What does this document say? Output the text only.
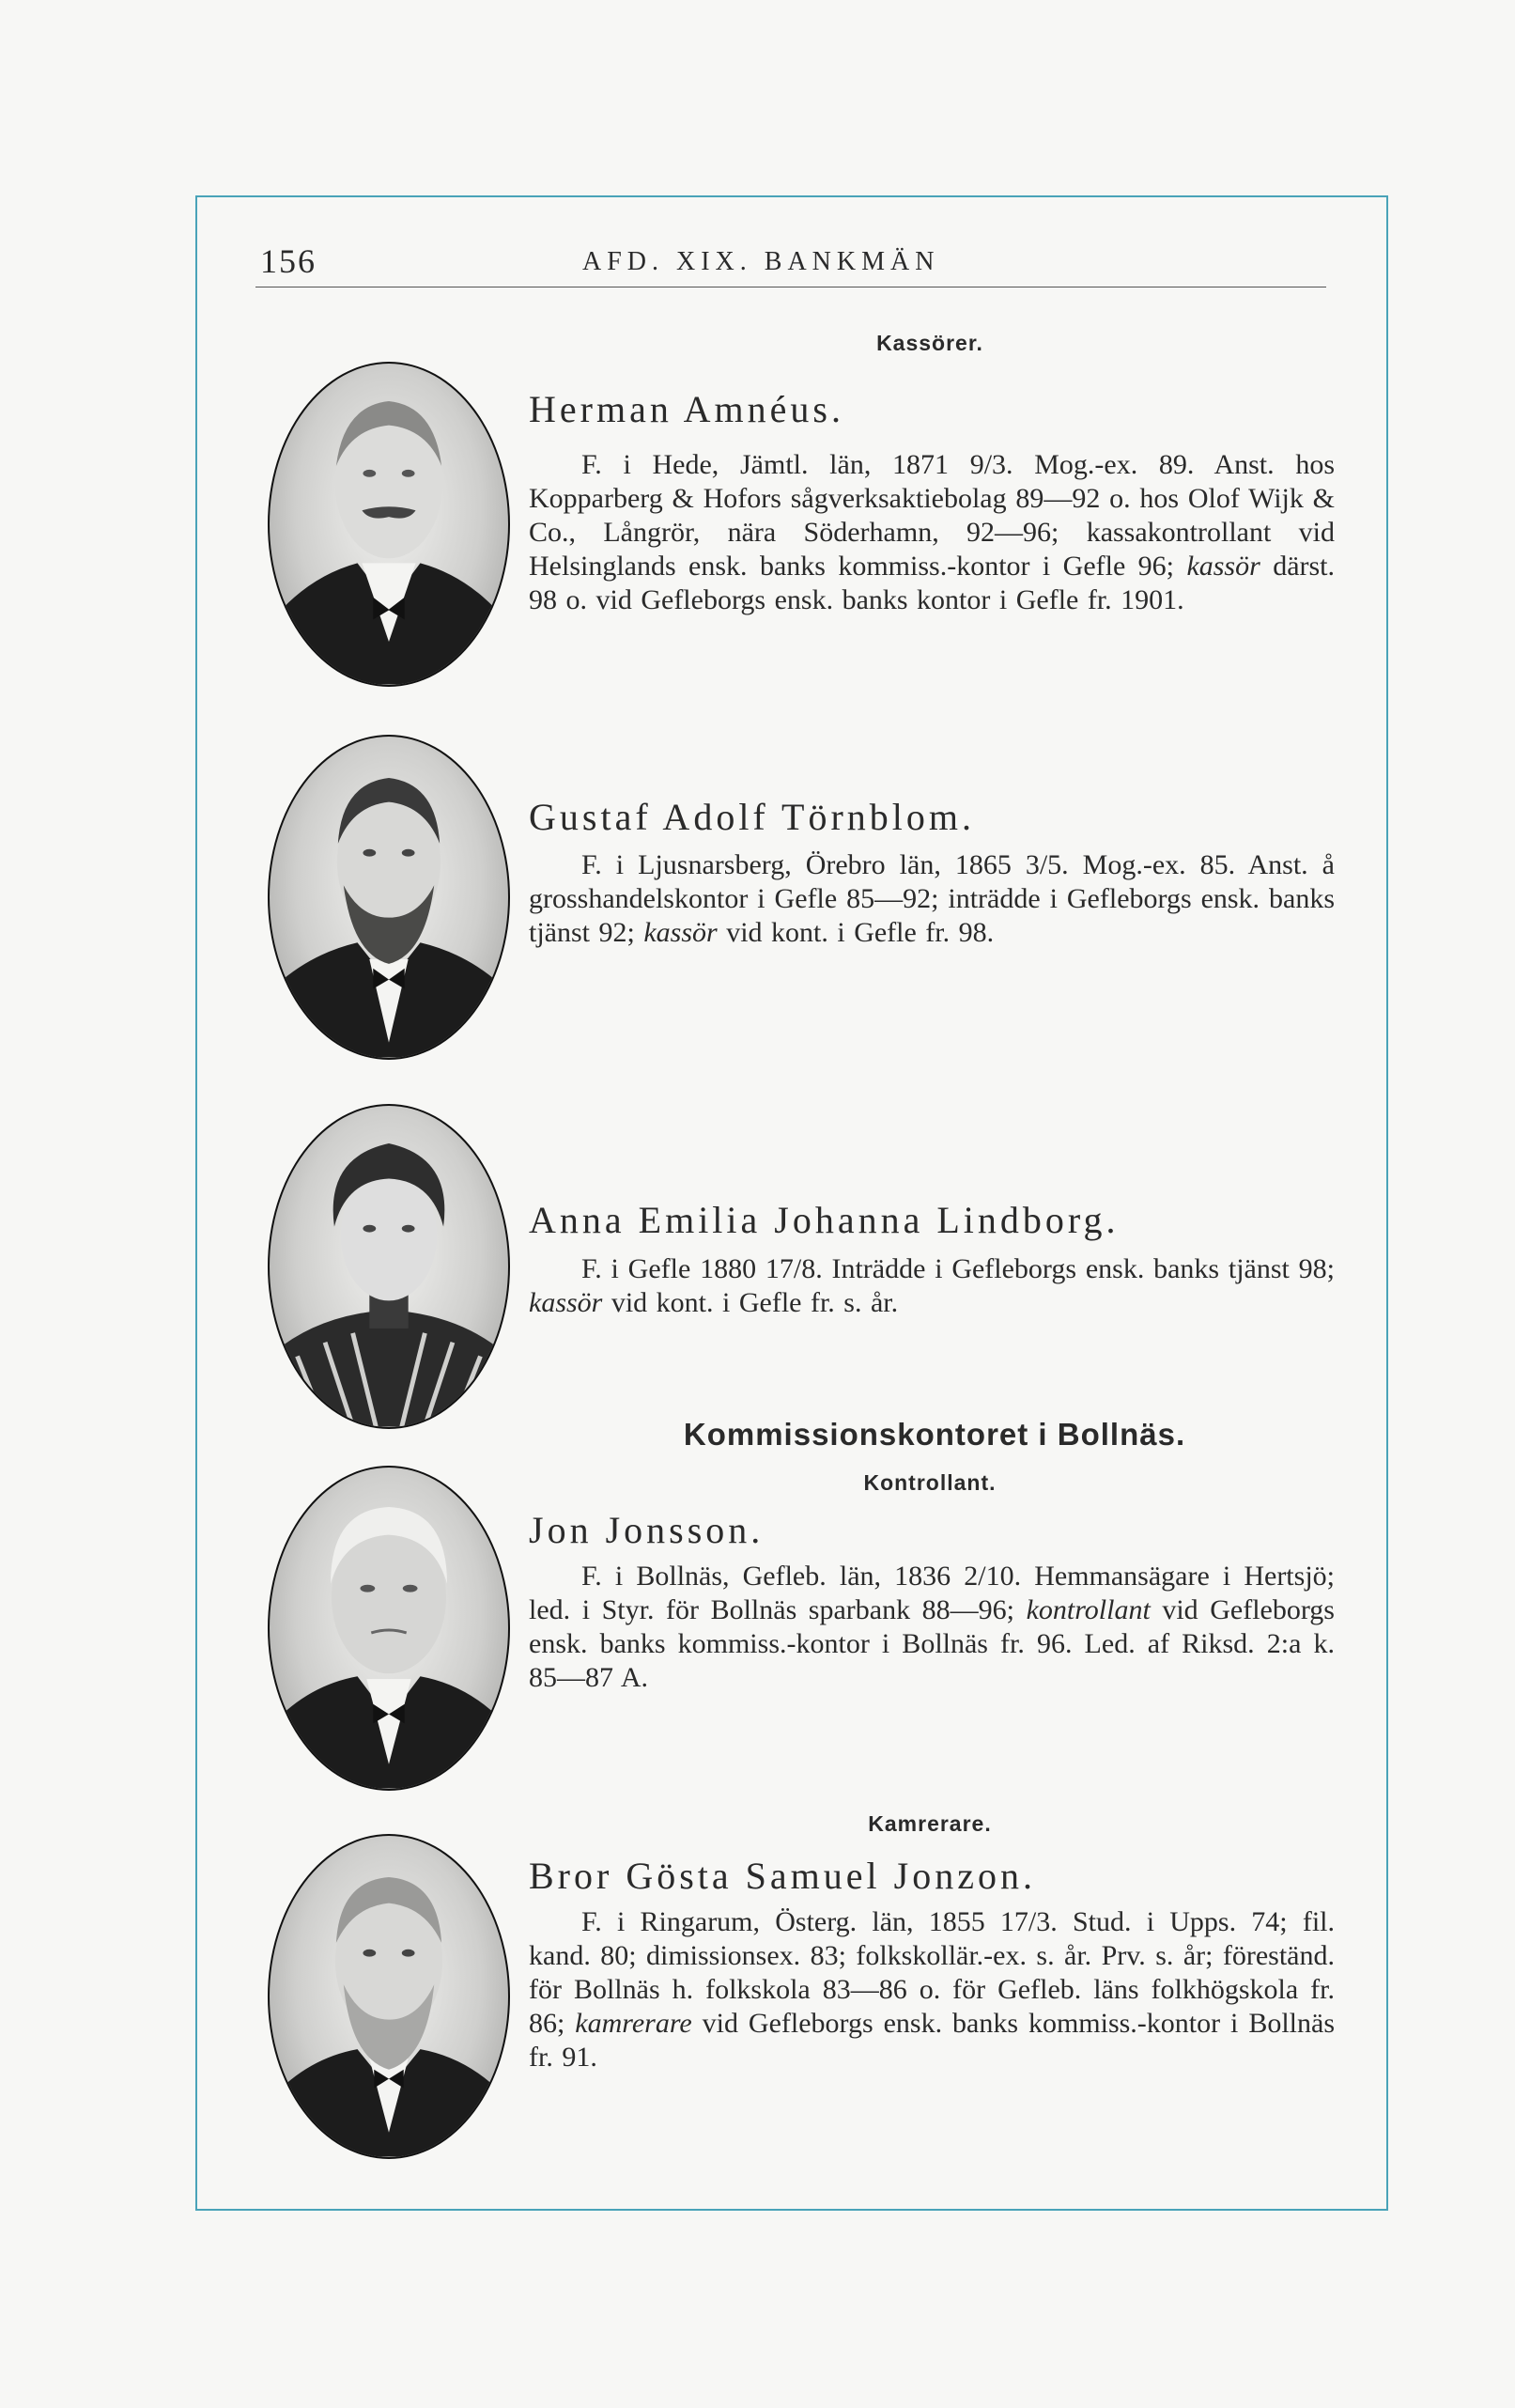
156	AFD. XIX. BANKMÄN
Kassörer.
Herman Amnéus.
F. i Hede, Jämtl. län, 1871 9/3. Mog.-ex. 89. Anst. hos Kopparberg & Hofors sågverksaktiebolag 89—92 o. hos Olof Wijk & Co., Långrör, nära Söderhamn, 92—96; kassakontrollant vid Helsinglands ensk. banks kommiss.-kontor i Gefle 96; kassör därst. 98 o. vid Gefleborgs ensk. banks kontor i Gefle fr. 1901.
Gustaf Adolf Törnblom.
F. i Ljusnarsberg, Örebro län, 1865 3/5. Mog.-ex. 85. Anst. å grosshandelskontor i Gefle 85—92; inträdde i Gefleborgs ensk. banks tjänst 92; kassör vid kont. i Gefle fr. 98.
Anna Emilia Johanna Lindborg.
F. i Gefle 1880 17/8. Inträdde i Gefleborgs ensk. banks tjänst 98; kassör vid kont. i Gefle fr. s. år.
Kommissionskontoret i Bollnäs.
Kontrollant.
Jon Jonsson.
F. i Bollnäs, Gefleb. län, 1836 2/10. Hemmansägare i Hertsjö; led. i Styr. för Bollnäs sparbank 88—96; kontrollant vid Gefleborgs ensk. banks kommiss.-kontor i Bollnäs fr. 96. Led. af Riksd. 2:a k. 85—87 A.
Kamrerare.
Bror Gösta Samuel Jonzon.
F. i Ringarum, Österg. län, 1855 17/3. Stud. i Upps. 74; fil. kand. 80; dimissionsex. 83; folkskollär.-ex. s. år. Prv. s. år; föreständ. för Bollnäs h. folkskola 83—86 o. för Gefleb. läns folkhögskola fr. 86; kamrerare vid Gefleborgs ensk. banks kommiss.-kontor i Bollnäs fr. 91.
